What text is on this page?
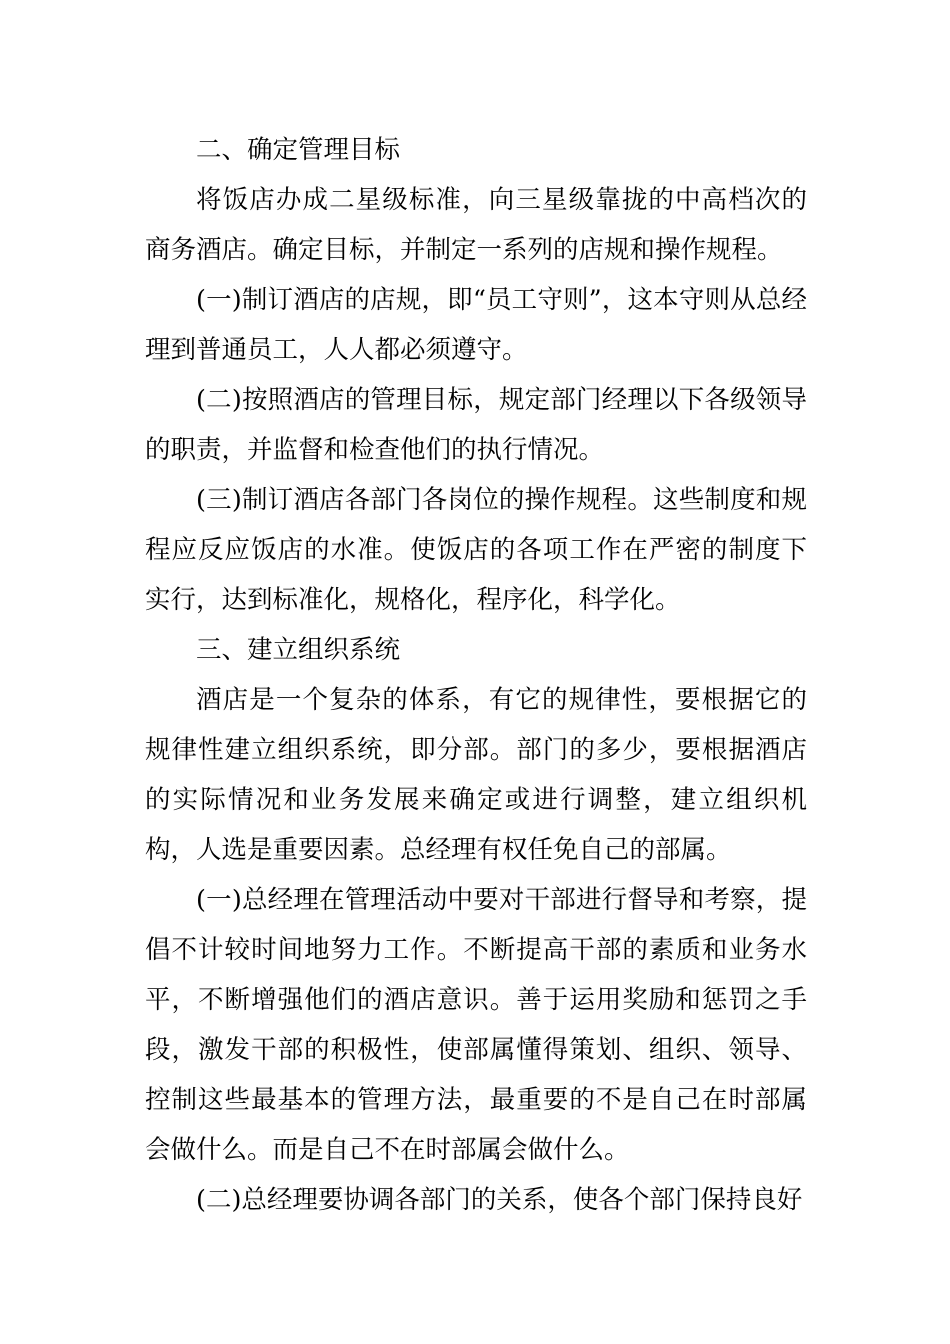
二、确定管理目标

将饭店办成二星级标准，向三星级靠拢的中高档次的商务酒店。确定目标，并制定一系列的店规和操作规程。

(一)制订酒店的店规，即“员工守则”，这本守则从总经理到普通员工，人人都必须遵守。

(二)按照酒店的管理目标，规定部门经理以下各级领导的职责，并监督和检查他们的执行情况。

(三)制订酒店各部门各岗位的操作规程。这些制度和规程应反应饭店的水准。使饭店的各项工作在严密的制度下实行，达到标准化，规格化，程序化，科学化。

三、建立组织系统

酒店是一个复杂的体系，有它的规律性，要根据它的规律性建立组织系统，即分部。部门的多少，要根据酒店的实际情况和业务发展来确定或进行调整，建立组织机构，人选是重要因素。总经理有权任免自己的部属。

(一)总经理在管理活动中要对干部进行督导和考察，提倡不计较时间地努力工作。不断提高干部的素质和业务水平，不断增强他们的酒店意识。善于运用奖励和惩罚之手段，激发干部的积极性，使部属懂得策划、组织、领导、控制这些最基本的管理方法，最重要的不是自己在时部属会做什么。而是自己不在时部属会做什么。

(二)总经理要协调各部门的关系，使各个部门保持良好
